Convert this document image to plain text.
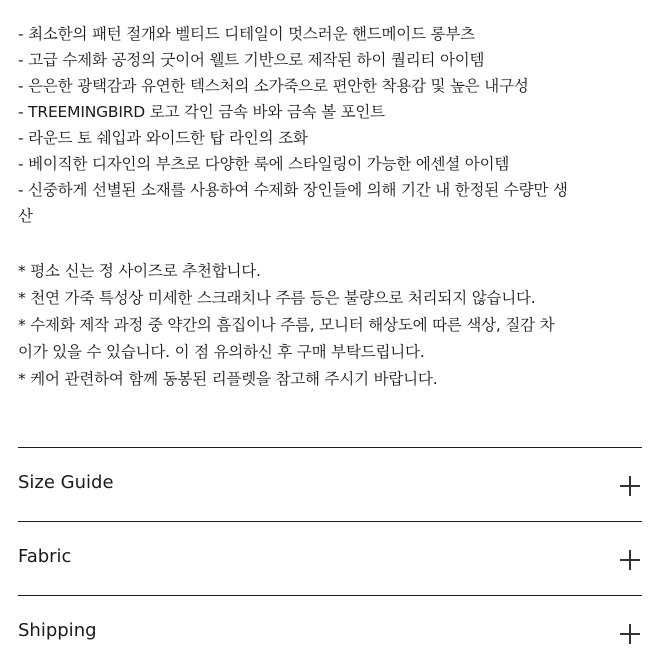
- 최소한의 패턴 절개와 벨티드 디테일이 멋스러운 핸드메이드 롱부츠
- 고급 수제화 공정의 굿이어 웰트 기반으로 제작된 하이 퀄리티 아이템
- 은은한 광택감과 유연한 텍스처의 소가죽으로 편안한 착용감 및 높은 내구성
- TREEMINGBIRD 로고 각인 금속 바와 금속 볼 포인트
- 라운드 토 쉐입과 와이드한 탑 라인의 조화
- 베이직한 디자인의 부츠로 다양한 룩에 스타일링이 가능한 에센셜 아이템
- 신중하게 선별된 소재를 사용하여 수제화 장인들에 의해 기간 내 한정된 수량만 생
산
* 평소 신는 정 사이즈로 추천합니다.
* 천연 가죽 특성상 미세한 스크래치나 주름 등은 불량으로 처리되지 않습니다.
* 수제화 제작 과정 중 약간의 흠집이나 주름, 모니터 해상도에 따른 색상, 질감 차
이가 있을 수 있습니다. 이 점 유의하신 후 구매 부탁드립니다.
* 케어 관련하여 함께 동봉된 리플렛을 참고해 주시기 바랍니다.
Size Guide
Fabric
Shipping
